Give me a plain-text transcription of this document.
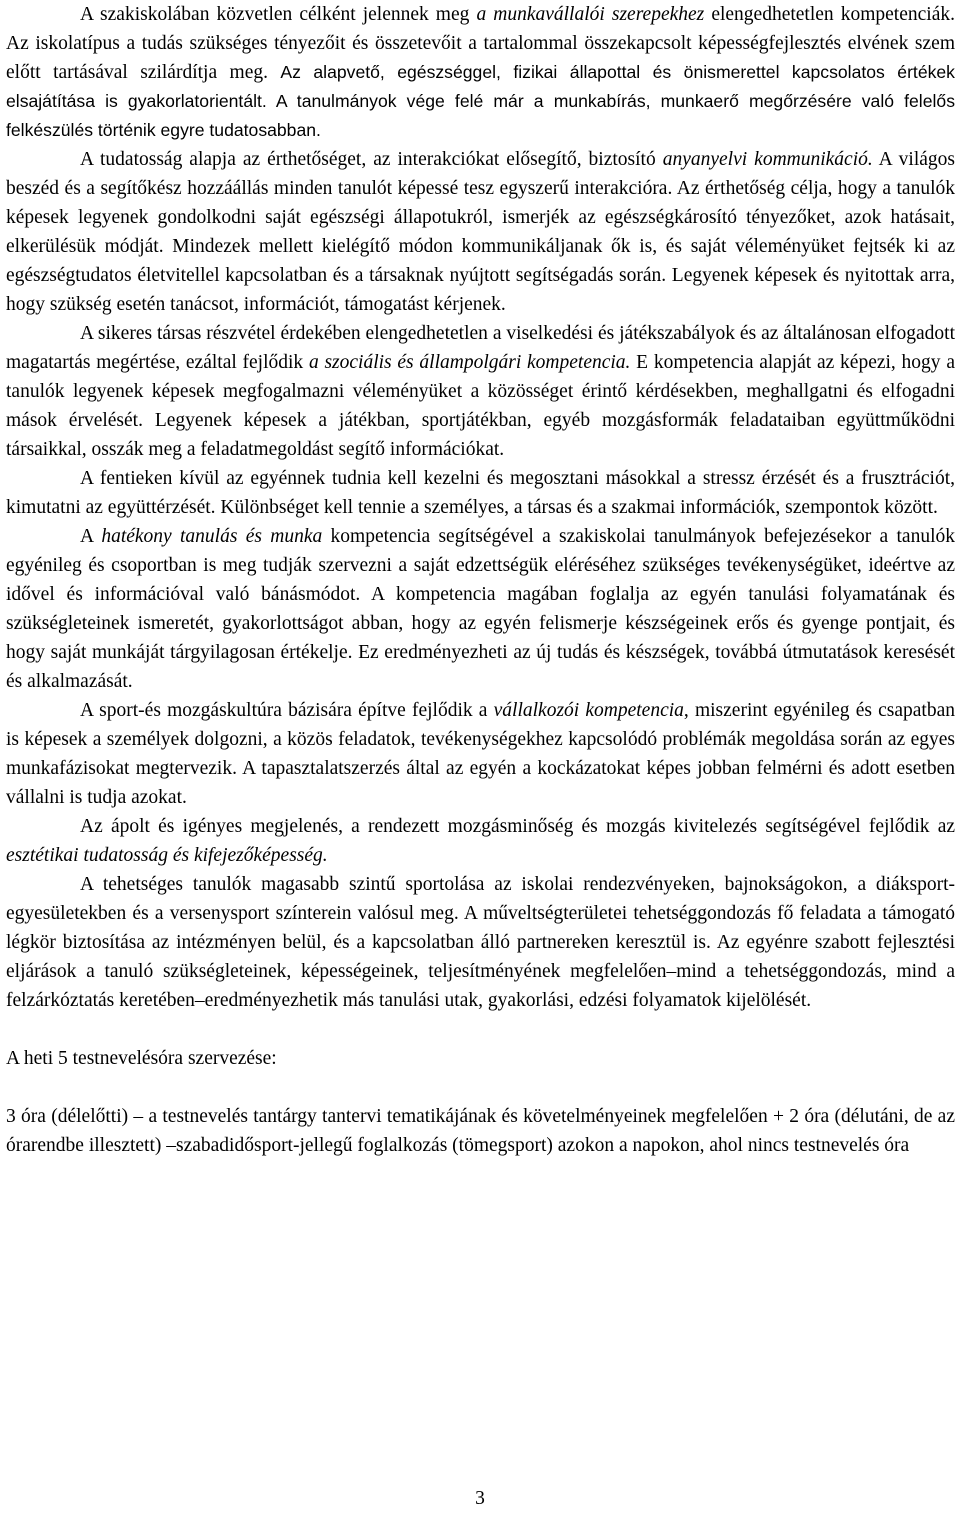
A szakiskolában közvetlen célként jelennek meg a munkavállalói szerepekhez elengedhetetlen kompetenciák. Az iskolatípus a tudás szükséges tényezőit és összetevőit a tartalommal összekapcsolt képességfejlesztés elvének szem előtt tartásával szilárdítja meg. Az alapvető, egészséggel, fizikai állapottal és önismerettel kapcsolatos értékek elsajátítása is gyakorlatorientált. A tanulmányok vége felé már a munkabírás, munkaerő megőrzésére való felelős felkészülés történik egyre tudatosabban.

A tudatosság alapja az érthetőséget, az interakciókat elősegítő, biztosító anyanyelvi kommunikáció. A világos beszéd és a segítőkész hozzáállás minden tanulót képessé tesz egyszerű interakcióra. Az érthetőség célja, hogy a tanulók képesek legyenek gondolkodni saját egészségi állapotukról, ismerjék az egészségkárosító tényezőket, azok hatásait, elkerülésük módját. Mindezek mellett kielégítő módon kommunikáljanak ők is, és saját véleményüket fejtsék ki az egészségtudatos életvitellel kapcsolatban és a társaknak nyújtott segítségadás során. Legyenek képesek és nyitottak arra, hogy szükség esetén tanácsot, információt, támogatást kérjenek.

A sikeres társas részvétel érdekében elengedhetetlen a viselkedési és játékszabályok és az általánosan elfogadott magatartás megértése, ezáltal fejlődik a szociális és állampolgári kompetencia. E kompetencia alapját az képezi, hogy a tanulók legyenek képesek megfogalmazni véleményüket a közösséget érintő kérdésekben, meghallgatni és elfogadni mások érvelését. Legyenek képesek a játékban, sportjátékban, egyéb mozgásformák feladataiban együttműködni társaikkal, osszák meg a feladatmegoldást segítő információkat.

A fentieken kívül az egyénnek tudnia kell kezelni és megosztani másokkal a stressz érzését és a frusztrációt, kimutatni az együttérzését. Különbséget kell tennie a személyes, a társas és a szakmai információk, szempontok között.

A hatékony tanulás és munka kompetencia segítségével a szakiskolai tanulmányok befejezésekor a tanulók egyénileg és csoportban is meg tudják szervezni a saját edzettségük eléréséhez szükséges tevékenységüket, ideértve az idővel és információval való bánásmódot. A kompetencia magában foglalja az egyén tanulási folyamatának és szükségleteinek ismeretét, gyakorlottságot abban, hogy az egyén felismerje készségeinek erős és gyenge pontjait, és hogy saját munkáját tárgyilagosan értékelje. Ez eredményezheti az új tudás és készségek, továbbá útmutatások keresését és alkalmazását.

A sport-és mozgáskultúra bázisára építve fejlődik a vállalkozói kompetencia, miszerint egyénileg és csapatban is képesek a személyek dolgozni, a közös feladatok, tevékenységekhez kapcsolódó problémák megoldása során az egyes munkafázisokat megtervezik. A tapasztalatszerzés által az egyén a kockázatokat képes jobban felmérni és adott esetben vállalni is tudja azokat.

Az ápolt és igényes megjelenés, a rendezett mozgásminőség és mozgás kivitelezés segítségével fejlődik az esztétikai tudatosság és kifejezőképesség.

A tehetséges tanulók magasabb szintű sportolása az iskolai rendezvényeken, bajnokságokon, a diáksport-egyesületekben és a versenysport színterein valósul meg. A műveltségterületei tehetséggondozás fő feladata a támogató légkör biztosítása az intézményen belül, és a kapcsolatban álló partnereken keresztül is. Az egyénre szabott fejlesztési eljárások a tanuló szükségleteinek, képességeinek, teljesítményének megfelelően–mind a tehetséggondozás, mind a felzárkóztatás keretében–eredményezhetik más tanulási utak, gyakorlási, edzési folyamatok kijelölését.

A heti 5 testnevelésóra szervezése:

3 óra (délelőtti) – a testnevelés tantárgy tantervi tematikájának és követelményeinek megfelelően + 2 óra (délutáni, de az órarendbe illesztett) –szabadidősport-jellegű foglalkozás (tömegsport) azokon a napokon, ahol nincs testnevelés óra

3
